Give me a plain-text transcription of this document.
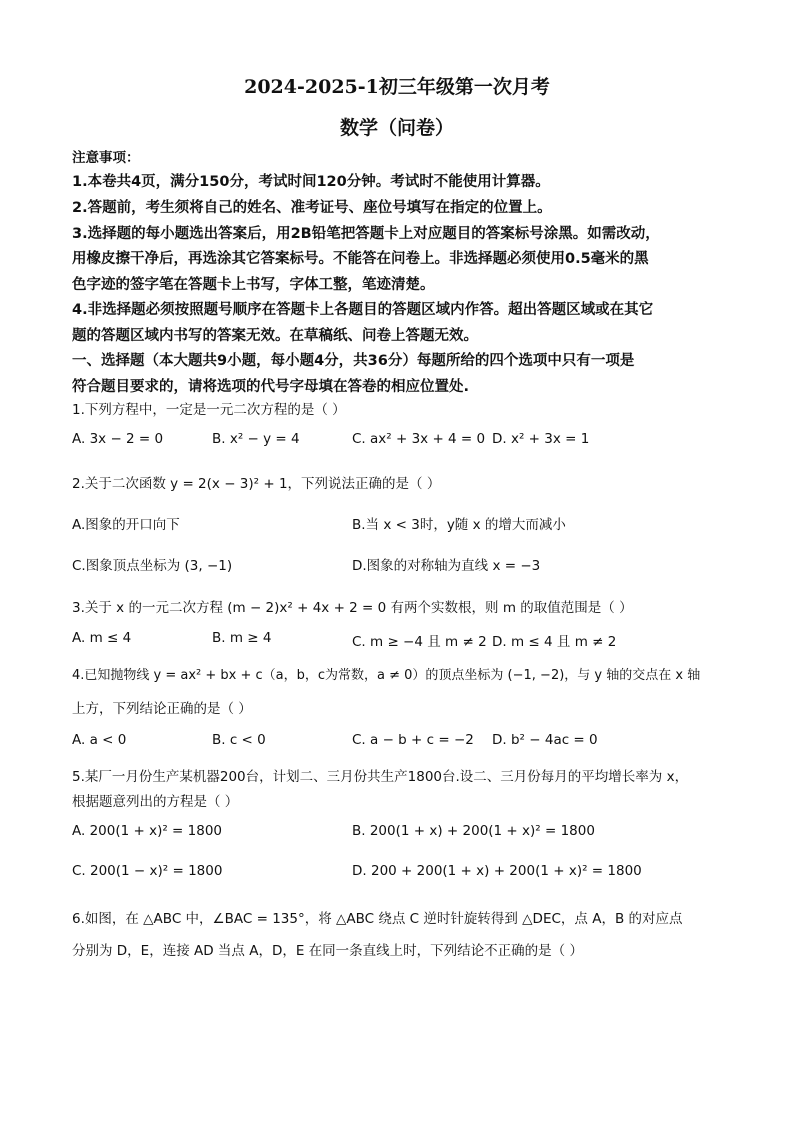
2024-2025-1初三年级第一次月考
数学（问卷）
注意事项：
1.本卷共4页，满分150分，考试时间120分钟。考试时不能使用计算器。
2.答题前，考生须将自己的姓名、准考证号、座位号填写在指定的位置上。
3.选择题的每小题选出答案后，用2B铅笔把答题卡上对应题目的答案标号涂黑。如需改动，
用橡皮擦干净后，再选涂其它答案标号。不能答在问卷上。非选择题必须使用0.5毫米的黑
色字迹的签字笔在答题卡上书写，字体工整，笔迹清楚。
4.非选择题必须按照题号顺序在答题卡上各题目的答题区域内作答。超出答题区域或在其它
题的答题区域内书写的答案无效。在草稿纸、问卷上答题无效。
一、选择题（本大题共9小题，每小题4分，共36分）每题所给的四个选项中只有一项是
符合题目要求的，请将选项的代号字母填在答卷的相应位置处.
1.下列方程中，一定是一元二次方程的是（ ）
A. 3x − 2 = 0	B. x² − y = 4	C. ax² + 3x + 4 = 0 D. x² + 3x = 1
2.关于二次函数 y = 2(x − 3)² + 1，下列说法正确的是（ ）
A.图象的开口向下	B.当 x < 3时，y随 x 的增大而减小
C.图象顶点坐标为 (3, −1)	D.图象的对称轴为直线 x = −3
3.关于 x 的一元二次方程 (m − 2)x² + 4x + 2 = 0 有两个实数根，则 m 的取值范围是（ ）
A. m ≤ 4	B. m ≥ 4	C. m ≥ −4 且 m ≠ 2 D. m ≤ 4 且 m ≠ 2
4.已知抛物线 y = ax² + bx + c（a，b，c为常数，a ≠ 0）的顶点坐标为 (−1, −2)，与 y 轴的交点在 x 轴
上方，下列结论正确的是（ ）
A. a < 0	B. c < 0	C. a − b + c = −2 D. b² − 4ac = 0
5.某厂一月份生产某机器200台，计划二、三月份共生产1800台.设二、三月份每月的平均增长率为 x，
根据题意列出的方程是（ ）
A. 200(1 + x)² = 1800	B. 200(1 + x) + 200(1 + x)² = 1800
C. 200(1 − x)² = 1800	D. 200 + 200(1 + x) + 200(1 + x)² = 1800
6.如图，在 △ABC 中，∠BAC = 135°，将 △ABC 绕点 C 逆时针旋转得到 △DEC，点 A，B 的对应点
分别为 D，E，连接 AD 当点 A，D，E 在同一条直线上时，下列结论不正确的是（ ）
